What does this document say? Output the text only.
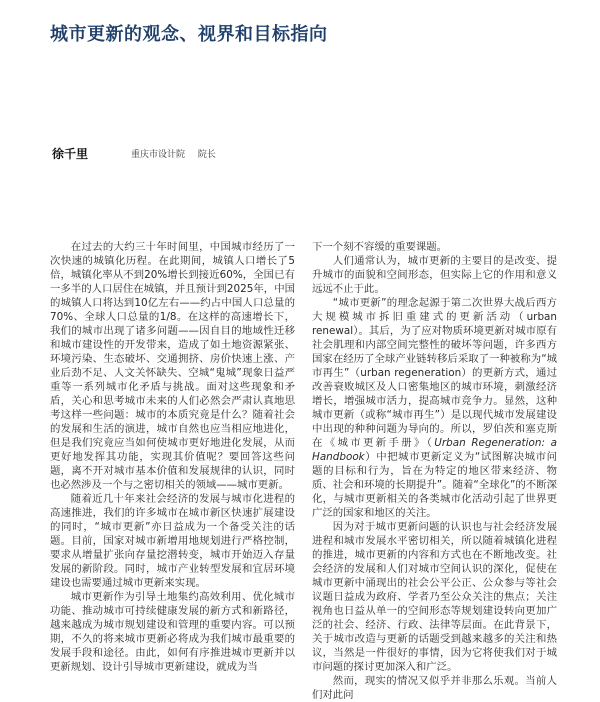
城市更新的观念、视界和目标指向
徐千里	重庆市设计院 院长

在过去的大约三十年时间里，中国城市经历了一次快速的城镇化历程。在此期间，城镇人口增长了5倍，城镇化率从不到20%增长到接近60%，全国已有一多半的人口居住在城镇，并且预计到2025年，中国的城镇人口将达到10亿左右——约占中国人口总量的70%、全球人口总量的1/8。在这样的高速增长下，我们的城市出现了诸多问题——因自目的地域性迁移和城市建设性的开发带来，造成了如土地资源紧张、环境污染、生态破坏、交通拥挤、房价快速上涨、产业后劲不足、人文关怀缺失、空城“鬼城”现象日益严重等一系列城市化矛盾与挑战。面对这些现象和矛盾，关心和思考城市未来的人们必然会严肃认真地思考这样一些问题：城市的本质究竟是什么？随着社会的发展和生活的演进，城市自然也应当相应地进化，但是我们究竟应当如何使城市更好地进化发展，从而更好地发挥其功能，实现其价值呢？要回答这些问题，离不开对城市基本价值和发展规律的认识，同时也必然涉及一个与之密切相关的领域——城市更新。

随着近几十年来社会经济的发展与城市化进程的高速推进，我们的许多城市在城市新区快速扩展建设的同时，“城市更新”亦日益成为一个备受关注的话题。目前，国家对城市新增用地规划进行严格控制，要求从增量扩张向存量挖潜转变，城市开始迈入存量发展的新阶段。同时，城市产业转型发展和宜居环境建设也需要通过城市更新来实现。

城市更新作为引导土地集约高效利用、优化城市功能、推动城市可持续健康发展的新方式和新路径，越来越成为城市规划建设和管理的重要内容。可以预期，不久的将来城市更新必将成为我们城市最重要的发展手段和途径。由此，如何有序推进城市更新并以更新规划、设计引导城市更新建设，就成为当

下一个刻不容缓的重要课题。

人们通常认为，城市更新的主要目的是改变、提升城市的面貌和空间形态，但实际上它的作用和意义远远不止于此。

“城市更新”的理念起源于第二次世界大战后西方大规模城市拆旧重建式的更新活动（urban renewal）。其后，为了应对物质环境更新对城市原有社会肌理和内部空间完整性的破坏等问题，许多西方国家在经历了全球产业链转移后采取了一种被称为“城市再生”（urban regeneration）的更新方式，通过改善衰败城区及人口密集地区的城市环境，刺激经济增长，增强城市活力，提高城市竞争力。显然，这种城市更新（或称“城市再生”）是以现代城市发展建设中出现的种种问题为导向的。所以，罗伯茨和塞克斯在《城市更新手册》（Urban Regeneration: a Handbook）中把城市更新定义为“试图解决城市问题的目标和行为，旨在为特定的地区带来经济、物质、社会和环境的长期提升”。随着“全球化”的不断深化，与城市更新相关的各类城市化活动引起了世界更广泛的国家和地区的关注。

因为对于城市更新问题的认识也与社会经济发展进程和城市发展水平密切相关，所以随着城镇化进程的推进，城市更新的内容和方式也在不断地改变。社会经济的发展和人们对城市空间认识的深化，促使在城市更新中涌现出的社会公平公正、公众参与等社会议题日益成为政府、学者乃至公众关注的焦点；关注视角也日益从单一的空间形态等规划建设转向更加广泛的社会、经济、行政、法律等层面。在此背景下，关于城市改造与更新的话题受到越来越多的关注和热议，当然是一件很好的事情，因为它将使我们对于城市问题的探讨更加深入和广泛。

然而，现实的情况又似乎并非那么乐观。当前人们对此问
